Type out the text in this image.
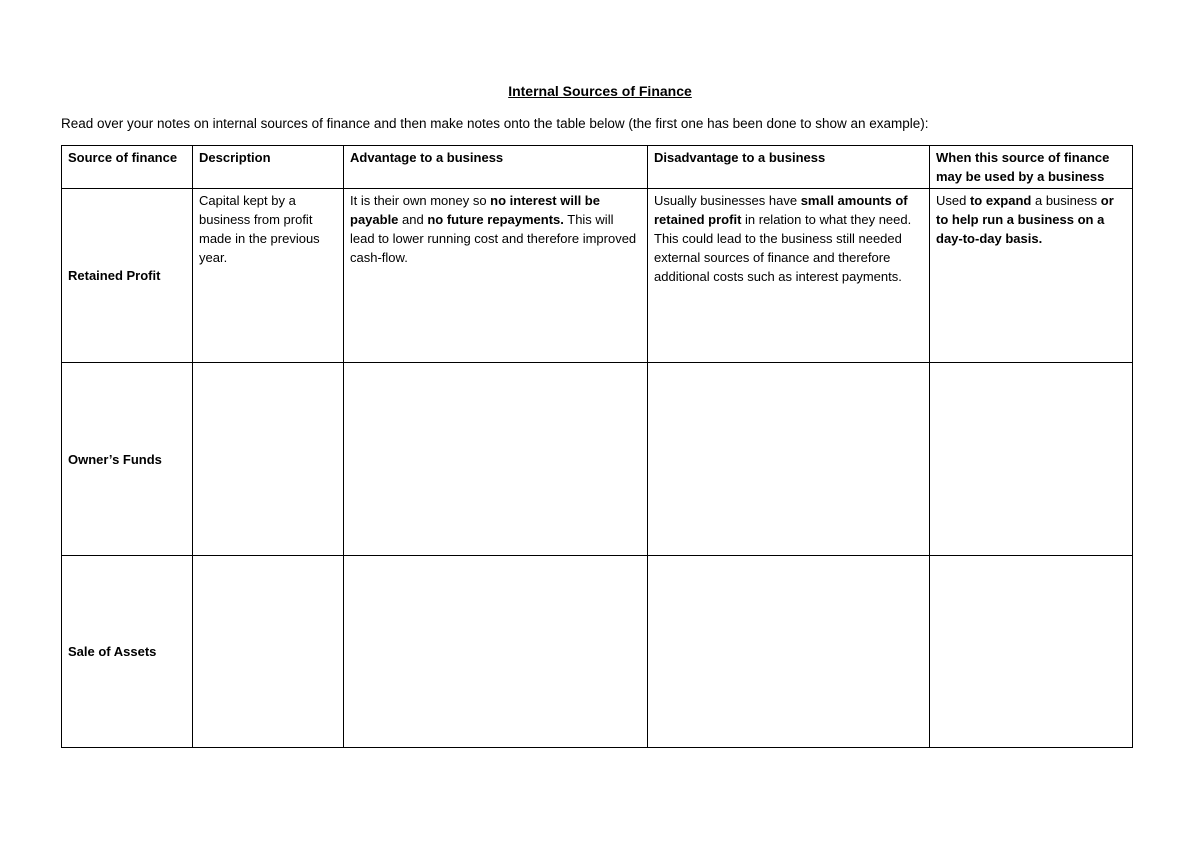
Internal Sources of Finance
Read over your notes on internal sources of finance and then make notes onto the table below (the first one has been done to show an example):
Source of finance	Description	Advantage to a business	Disadvantage to a business	When this source of finance may be used by a business
Retained Profit	Capital kept by a business from profit made in the previous year.	It is their own money so no interest will be payable and no future repayments. This will lead to lower running cost and therefore improved cash-flow.	Usually businesses have small amounts of retained profit in relation to what they need. This could lead to the business still needed external sources of finance and therefore additional costs such as interest payments.	Used to expand a business or to help run a business on a day-to-day basis.
Owner’s Funds				
Sale of Assets				
